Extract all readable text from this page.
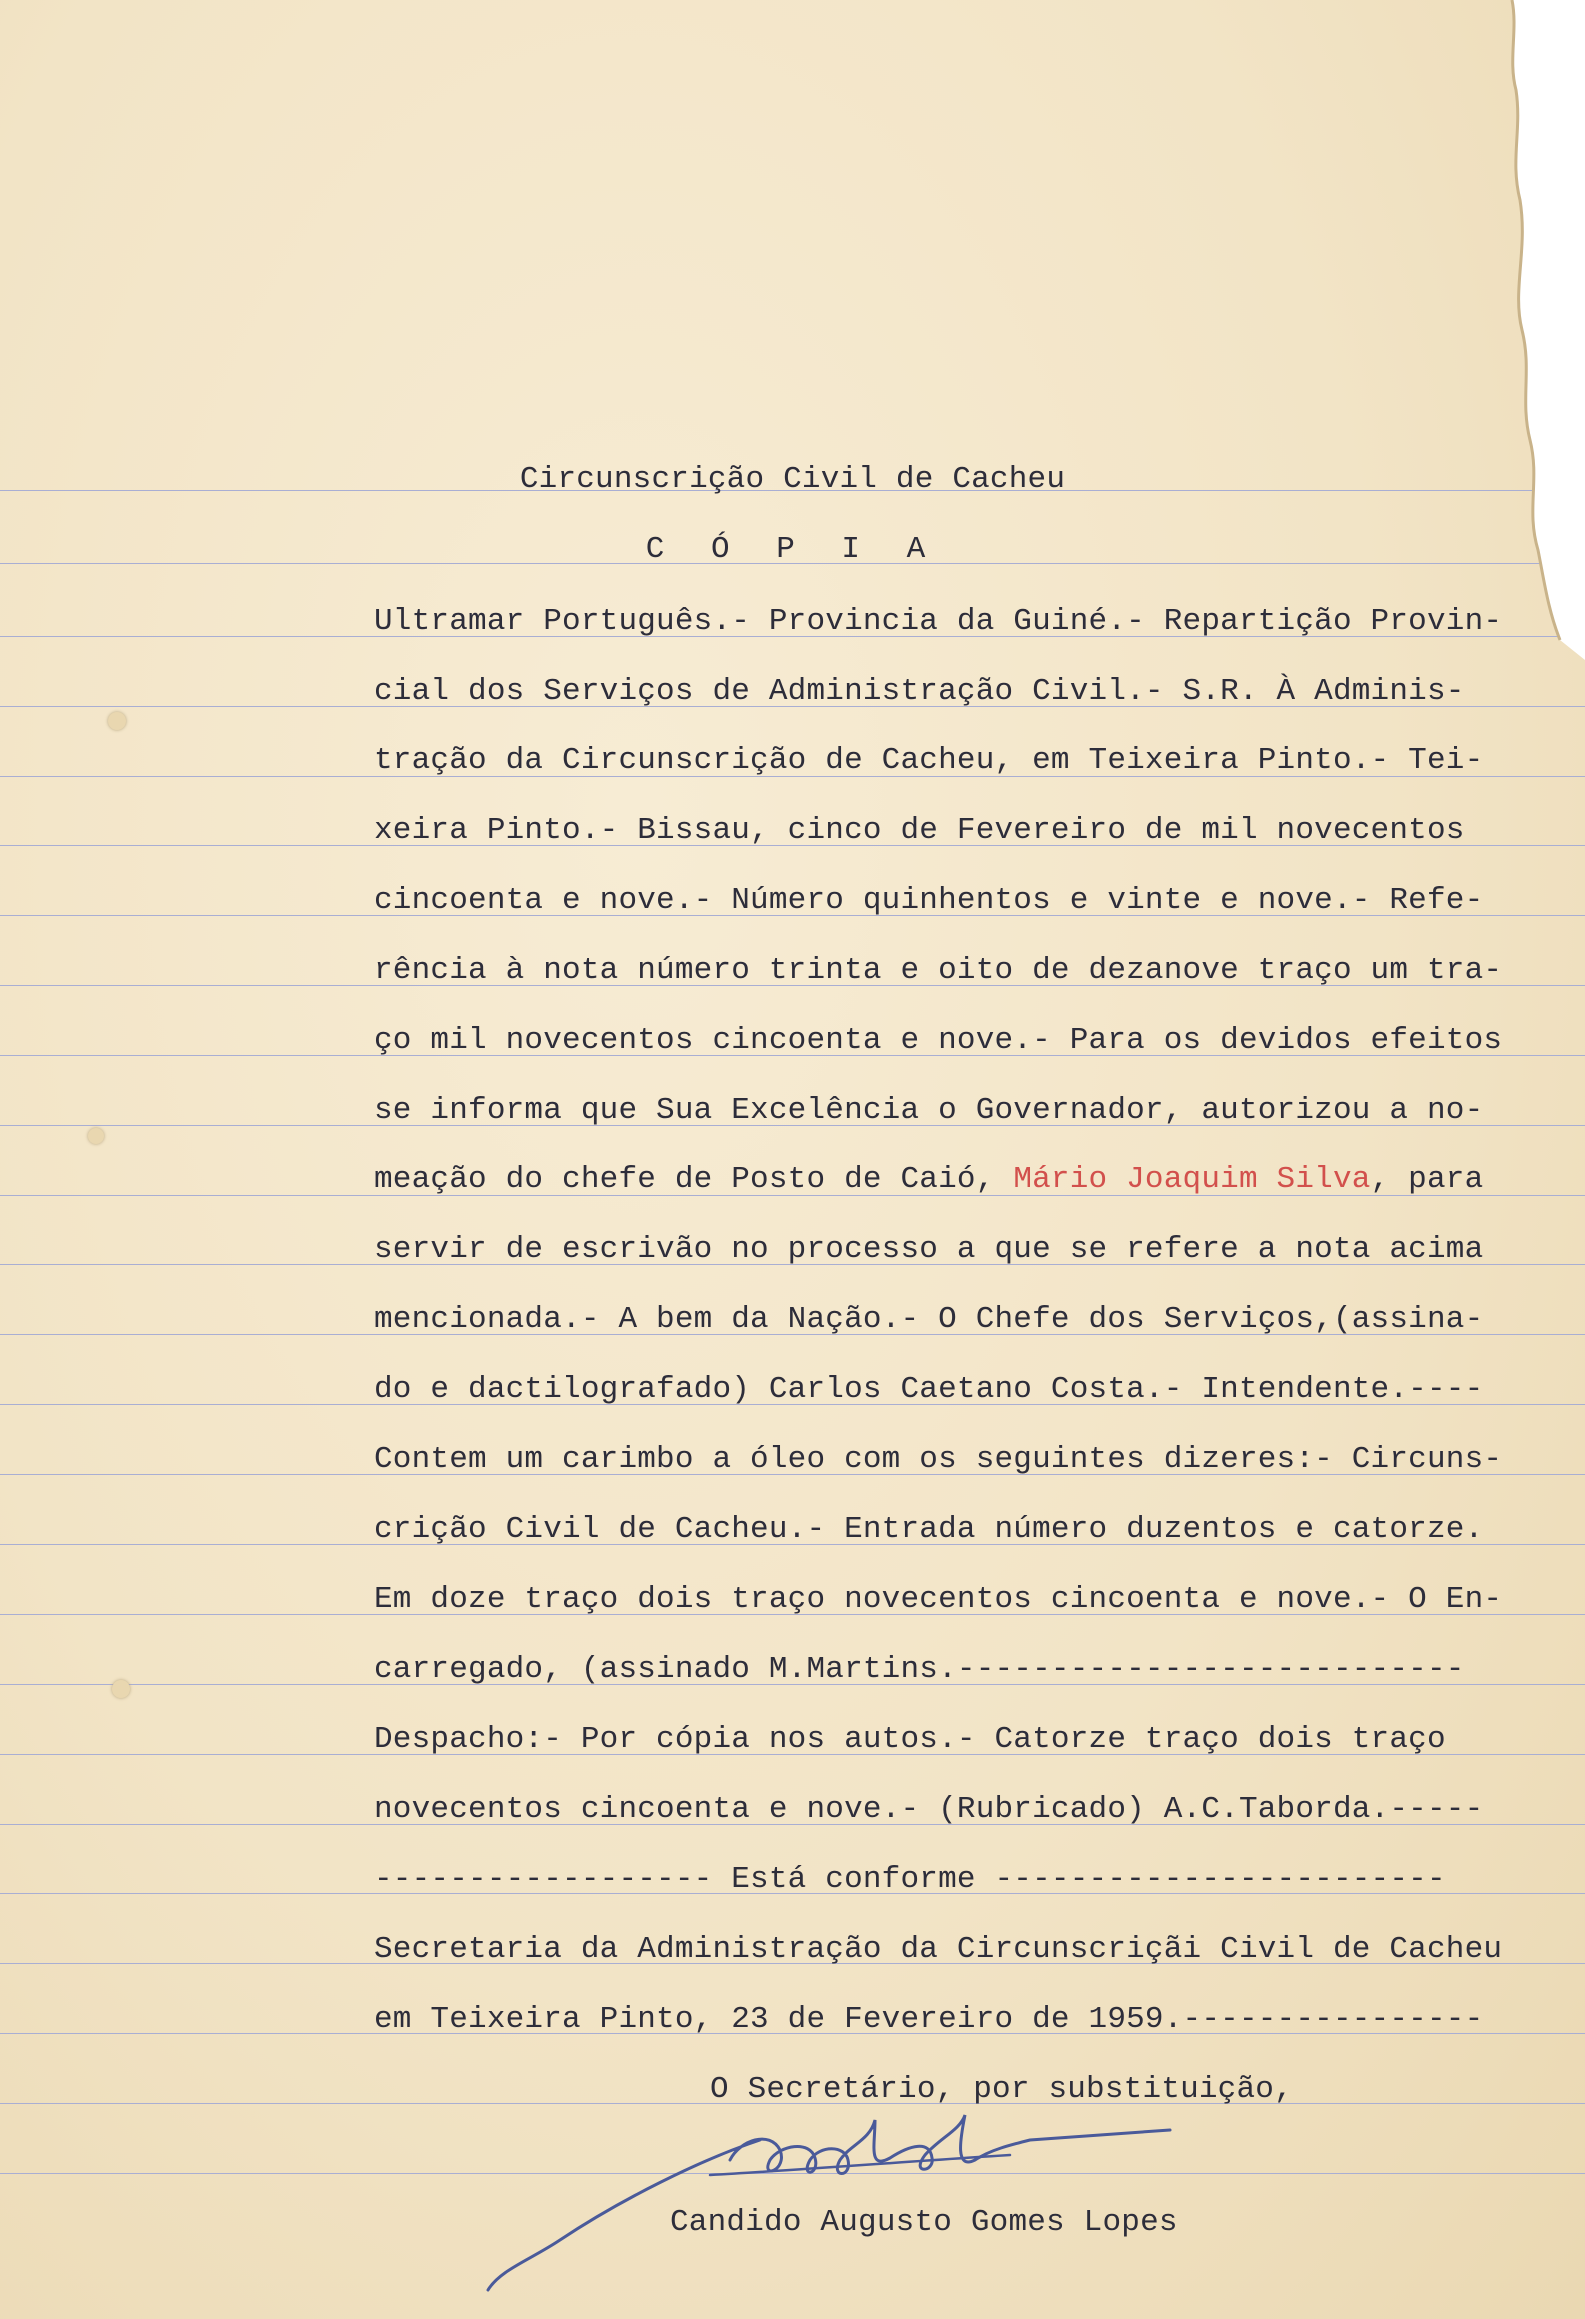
Circunscrição Civil de Cacheu
C Ó P I A
Ultramar Português.- Provincia da Guiné.- Repartição Provin-
cial dos Serviços de Administração Civil.- S.R. À Adminis-
tração da Circunscrição de Cacheu, em Teixeira Pinto.- Tei-
xeira Pinto.- Bissau, cinco de Fevereiro de mil novecentos
cincoenta e nove.- Número quinhentos e vinte e nove.- Refe-
rência à nota número trinta e oito de dezanove traço um tra-
ço mil novecentos cincoenta e nove.- Para os devidos efeitos
se informa que Sua Excelência o Governador, autorizou a no-
meação do chefe de Posto de Caió, Mário Joaquim Silva, para
servir de escrivão no processo a que se refere a nota acima
mencionada.- A bem da Nação.- O Chefe dos Serviços,(assina-
do e dactilografado) Carlos Caetano Costa.- Intendente.----
Contem um carimbo a óleo com os seguintes dizeres:- Circuns-
crição Civil de Cacheu.- Entrada número duzentos e catorze.
Em doze traço dois traço novecentos cincoenta e nove.- O En-
carregado, (assinado M.Martins.---------------------------
Despacho:- Por cópia nos autos.- Catorze traço dois traço
novecentos cincoenta e nove.- (Rubricado) A.C.Taborda.-----
------------------ Está conforme ------------------------
Secretaria da Administração da Circunscriçãi Civil de Cacheu
em Teixeira Pinto, 23 de Fevereiro de 1959.----------------
O Secretário, por substituição,
Candido Augusto Gomes Lopes
